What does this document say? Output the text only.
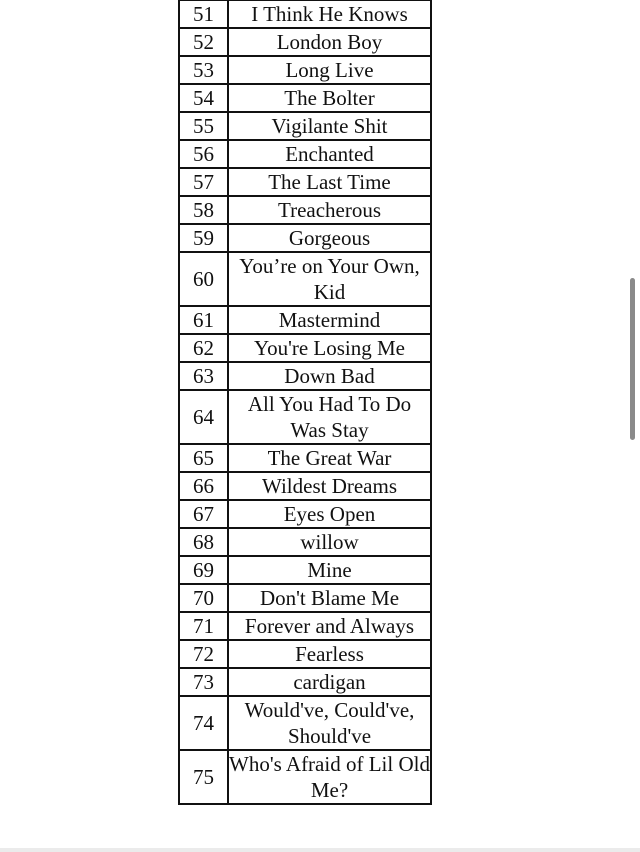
51	I Think He Knows
52	London Boy
53	Long Live
54	The Bolter
55	Vigilante Shit
56	Enchanted
57	The Last Time
58	Treacherous
59	Gorgeous
60	You’re on Your Own, Kid
61	Mastermind
62	You're Losing Me
63	Down Bad
64	All You Had To Do Was Stay
65	The Great War
66	Wildest Dreams
67	Eyes Open
68	willow
69	Mine
70	Don't Blame Me
71	Forever and Always
72	Fearless
73	cardigan
74	Would've, Could've, Should've
75	Who's Afraid of Lil Old Me?
